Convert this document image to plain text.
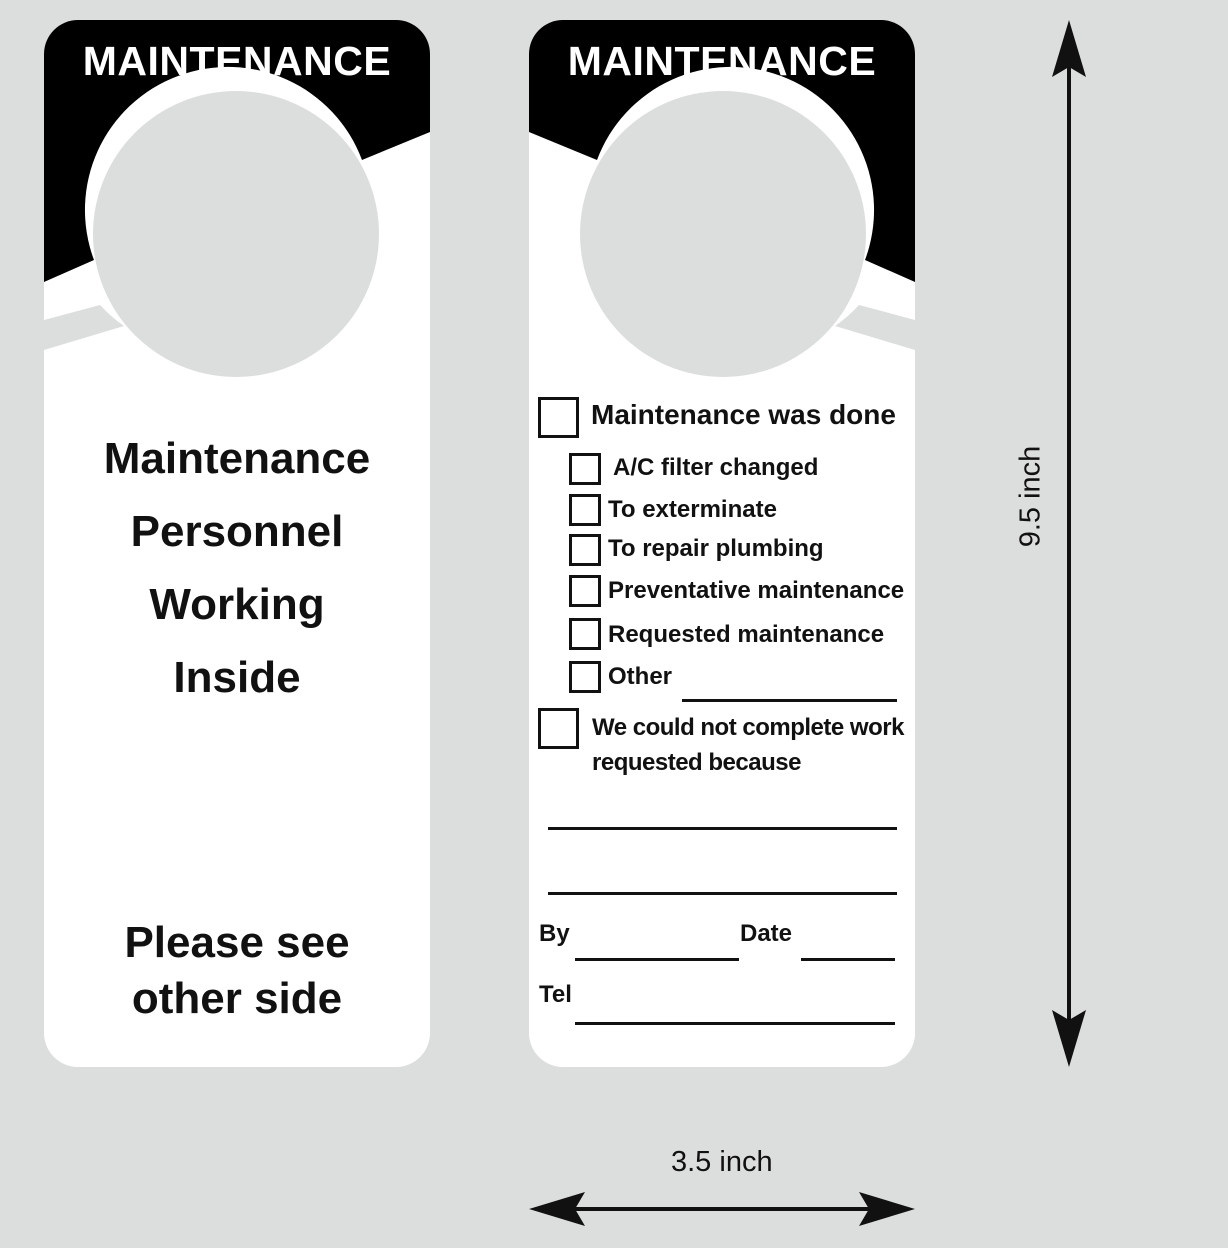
MAINTENANCE
Maintenance
Personnel
Working
Inside
Please see
other side
MAINTENANCE
Maintenance was done
A/C filter changed
To exterminate
To repair plumbing
Preventative maintenance
Requested maintenance
Other
We could not complete work
requested because
By	Date
Tel
9.5 inch
3.5 inch
